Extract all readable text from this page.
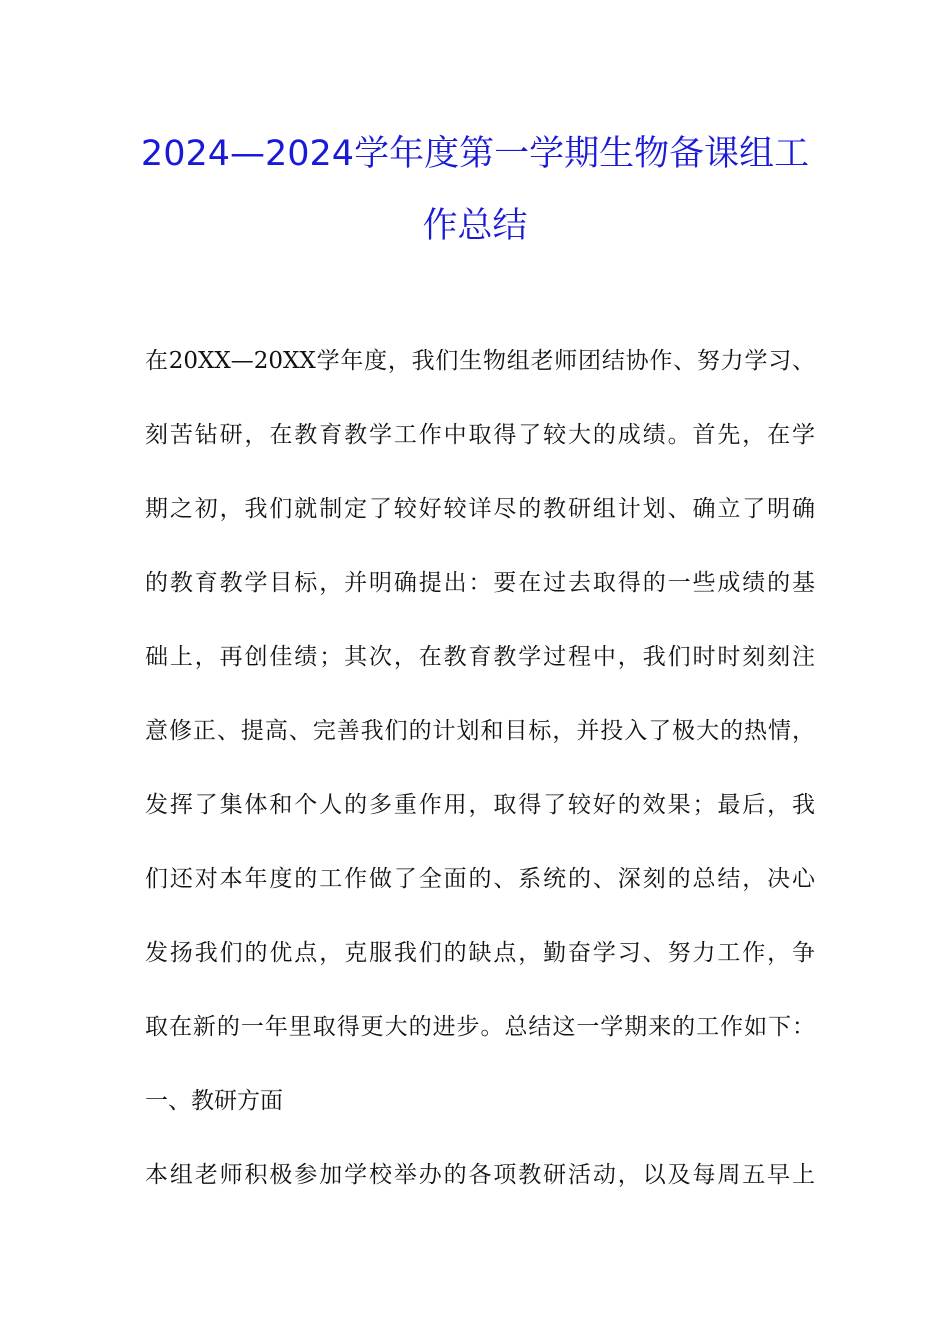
2024—2024学年度第一学期生物备课组工
作总结
在20XX—20XX学年度，我们生物组老师团结协作、努力学习、
刻苦钻研，在教育教学工作中取得了较大的成绩。首先，在学
期之初，我们就制定了较好较详尽的教研组计划、确立了明确
的教育教学目标，并明确提出：要在过去取得的一些成绩的基
础上，再创佳绩；其次，在教育教学过程中，我们时时刻刻注
意修正、提高、完善我们的计划和目标，并投入了极大的热情，
发挥了集体和个人的多重作用，取得了较好的效果；最后，我
们还对本年度的工作做了全面的、系统的、深刻的总结，决心
发扬我们的优点，克服我们的缺点，勤奋学习、努力工作，争
取在新的一年里取得更大的进步。总结这一学期来的工作如下：
一、教研方面
本组老师积极参加学校举办的各项教研活动，以及每周五早上
